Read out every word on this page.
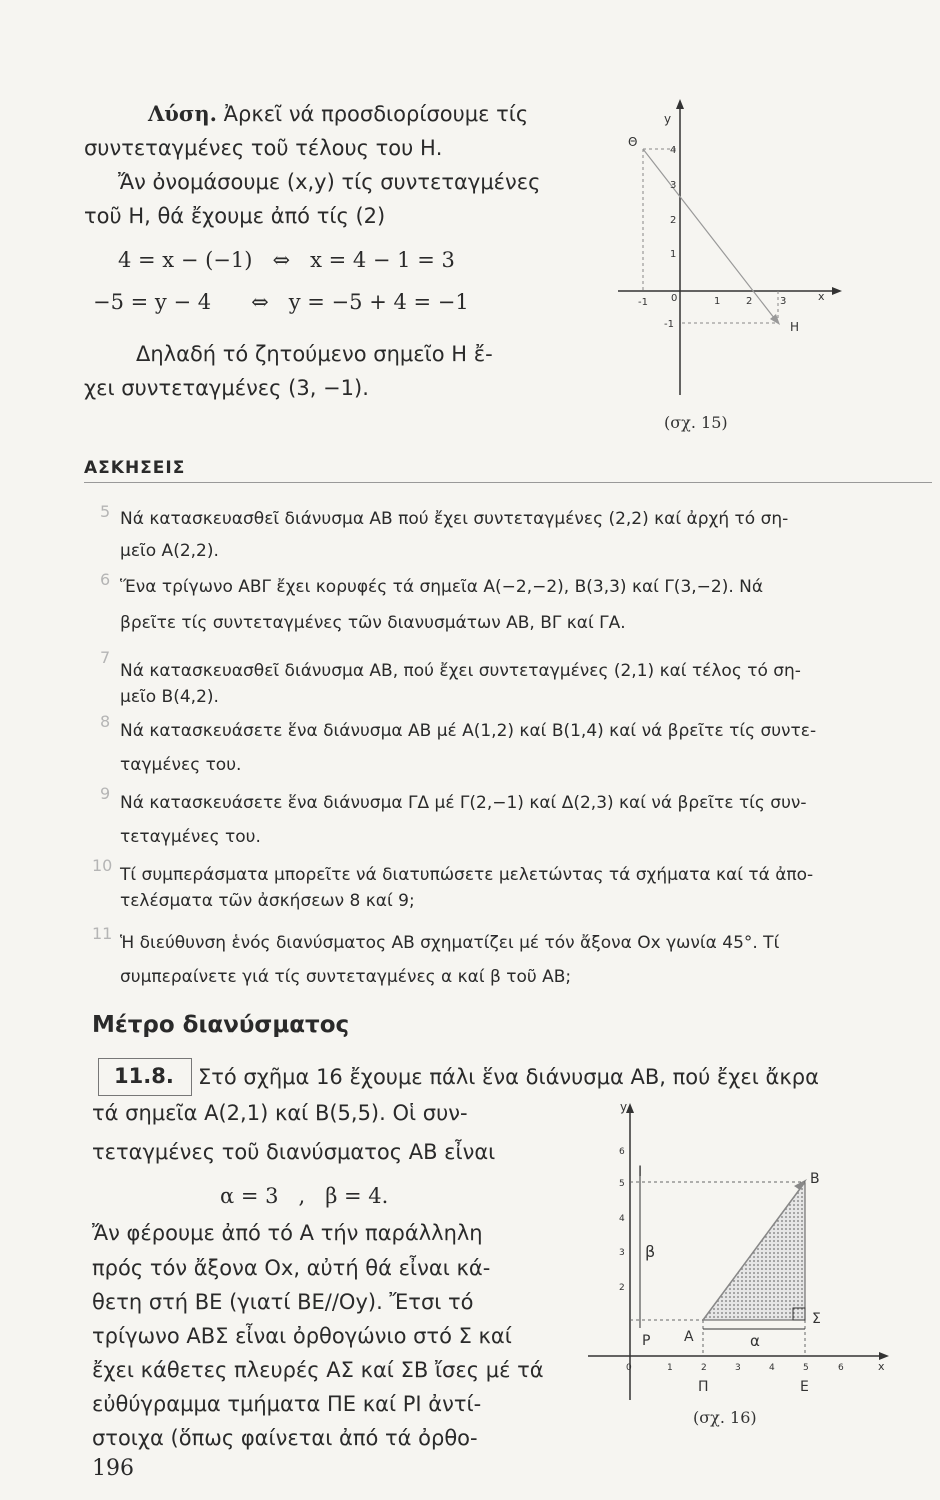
Λύση. Ἀρκεῖ νά προσδιορίσουμε τίς
συντεταγμένες τοῦ τέλους του Η.
Ἄν ὀνομάσουμε (x,y) τίς συντεταγμένες
τοῦ Η, θά ἔχουμε ἀπό τίς (2)
4 = x − (−1)   ⇔   x = 4 − 1 = 3
−5 = y − 4      ⇔   y = −5 + 4 = −1
Δηλαδή τό ζητούμενο σημεῖο Η ἔ-
χει συντεταγμένες (3, −1).
y
x
Θ
Η
-1 0	1	2	3
4
3
2
1
-1
(σχ. 15)
ΑΣΚΗΣΕΙΣ
5 Νά κατασκευασθεῖ διάνυσμα AB πού ἔχει συντεταγμένες (2,2) καί ἀρχή τό ση-
μεῖο Α(2,2).
6 Ἕνα τρίγωνο ΑΒΓ ἔχει κορυφές τά σημεῖα Α(−2,−2), Β(3,3) καί Γ(3,−2). Νά
βρεῖτε τίς συντεταγμένες τῶν διανυσμάτων AB, ΒΓ καί ΓΑ.
7
Νά κατασκευασθεῖ διάνυσμα AB, πού ἔχει συντεταγμένες (2,1) καί τέλος τό ση-
μεῖο Β(4,2).
8 Νά κατασκευάσετε ἕνα διάνυσμα AB μέ Α(1,2) καί Β(1,4) καί νά βρεῖτε τίς συντε-
ταγμένες του.
9 Νά κατασκευάσετε ἕνα διάνυσμα ΓΔ μέ Γ(2,−1) καί Δ(2,3) καί νά βρεῖτε τίς συν-
τεταγμένες του.
10 Τί συμπεράσματα μπορεῖτε νά διατυπώσετε μελετώντας τά σχήματα καί τά ἀπο-
τελέσματα τῶν ἀσκήσεων 8 καί 9;
11 Ἡ διεύθυνση ἑνός διανύσματος AB σχηματίζει μέ τόν ἄξονα Ox γωνία 45°. Τί
συμπεραίνετε γιά τίς συντεταγμένες α καί β τοῦ AB;
Μέτρο διανύσματος
11.8. Στό σχῆμα 16 ἔχουμε πάλι ἕνα διάνυσμα AB, πού ἔχει ἄκρα
τά σημεῖα Α(2,1) καί Β(5,5). Οἱ συν-
τεταγμένες τοῦ διανύσματος AB εἶναι
α = 3   ,   β = 4.
Ἄν φέρουμε ἀπό τό Α τήν παράλληλη
πρός τόν ἄξονα Ox, αὐτή θά εἶναι κά-
θετη στή ΒΕ (γιατί ΒΕ//Oy). Ἔτσι τό
τρίγωνο ΑΒΣ εἶναι ὀρθογώνιο στό Σ καί
ἔχει κάθετες πλευρές ΑΣ καί ΣΒ ἴσες μέ τά
εὐθύγραμμα τμήματα ΠΕ καί ΡΙ ἀντί-
στοιχα (ὅπως φαίνεται ἀπό τά ὀρθο-
y
x
6
5
4
3
2
0	1	2	3	4	5	6
I	B
β
P A	α
Σ
Π	Ε
(σχ. 16)
196
